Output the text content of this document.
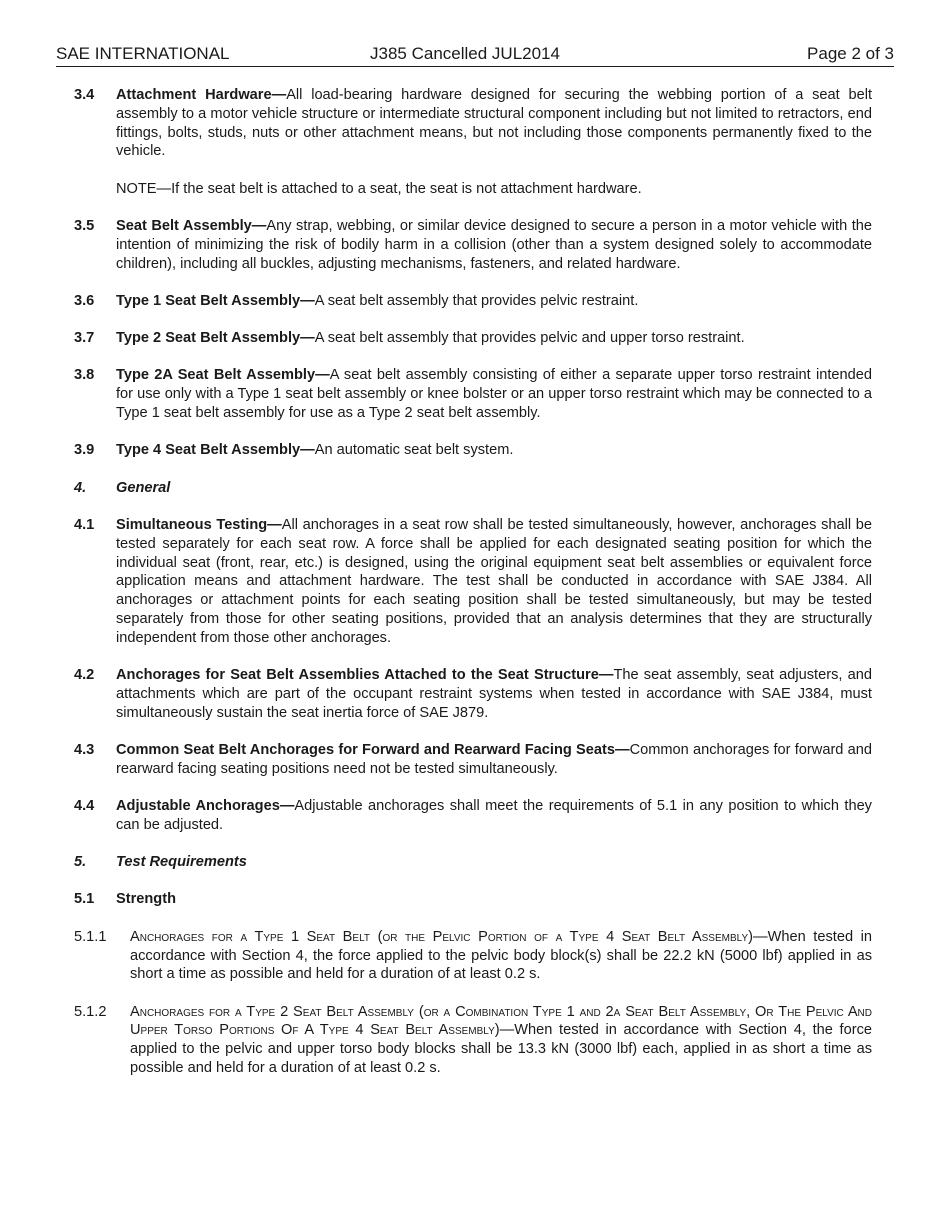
SAE INTERNATIONAL	J385 Cancelled JUL2014	Page 2 of 3
3.4	Attachment Hardware—All load-bearing hardware designed for securing the webbing portion of a seat belt assembly to a motor vehicle structure or intermediate structural component including but not limited to retractors, end fittings, bolts, studs, nuts or other attachment means, but not including those components permanently fixed to the vehicle.
NOTE—If the seat belt is attached to a seat, the seat is not attachment hardware.
3.5	Seat Belt Assembly—Any strap, webbing, or similar device designed to secure a person in a motor vehicle with the intention of minimizing the risk of bodily harm in a collision (other than a system designed solely to accommodate children), including all buckles, adjusting mechanisms, fasteners, and related hardware.
3.6	Type 1 Seat Belt Assembly—A seat belt assembly that provides pelvic restraint.
3.7	Type 2 Seat Belt Assembly—A seat belt assembly that provides pelvic and upper torso restraint.
3.8	Type 2A Seat Belt Assembly—A seat belt assembly consisting of either a separate upper torso restraint intended for use only with a Type 1 seat belt assembly or knee bolster or an upper torso restraint which may be connected to a Type 1 seat belt assembly for use as a Type 2 seat belt assembly.
3.9	Type 4 Seat Belt Assembly—An automatic seat belt system.
4.	General
4.1	Simultaneous Testing—All anchorages in a seat row shall be tested simultaneously, however, anchorages shall be tested separately for each seat row. A force shall be applied for each designated seating position for which the individual seat (front, rear, etc.) is designed, using the original equipment seat belt assemblies or equivalent force application means and attachment hardware. The test shall be conducted in accordance with SAE J384. All anchorages or attachment points for each seating position shall be tested simultaneously, but may be tested separately from those for other seating positions, provided that an analysis determines that they are structurally independent from those other anchorages.
4.2	Anchorages for Seat Belt Assemblies Attached to the Seat Structure—The seat assembly, seat adjusters, and attachments which are part of the occupant restraint systems when tested in accordance with SAE J384, must simultaneously sustain the seat inertia force of SAE J879.
4.3	Common Seat Belt Anchorages for Forward and Rearward Facing Seats—Common anchorages for forward and rearward facing seating positions need not be tested simultaneously.
4.4	Adjustable Anchorages—Adjustable anchorages shall meet the requirements of 5.1 in any position to which they can be adjusted.
5.	Test Requirements
5.1	Strength
5.1.1	Anchorages for a Type 1 Seat Belt (or the Pelvic Portion of a Type 4 Seat Belt Assembly)—When tested in accordance with Section 4, the force applied to the pelvic body block(s) shall be 22.2 kN (5000 lbf) applied in as short a time as possible and held for a duration of at least 0.2 s.
5.1.2	Anchorages for a Type 2 Seat Belt Assembly (or a Combination Type 1 and 2a Seat Belt Assembly, Or The Pelvic And Upper Torso Portions Of A Type 4 Seat Belt Assembly)—When tested in accordance with Section 4, the force applied to the pelvic and upper torso body blocks shall be 13.3 kN (3000 lbf) each, applied in as short a time as possible and held for a duration of at least 0.2 s.
